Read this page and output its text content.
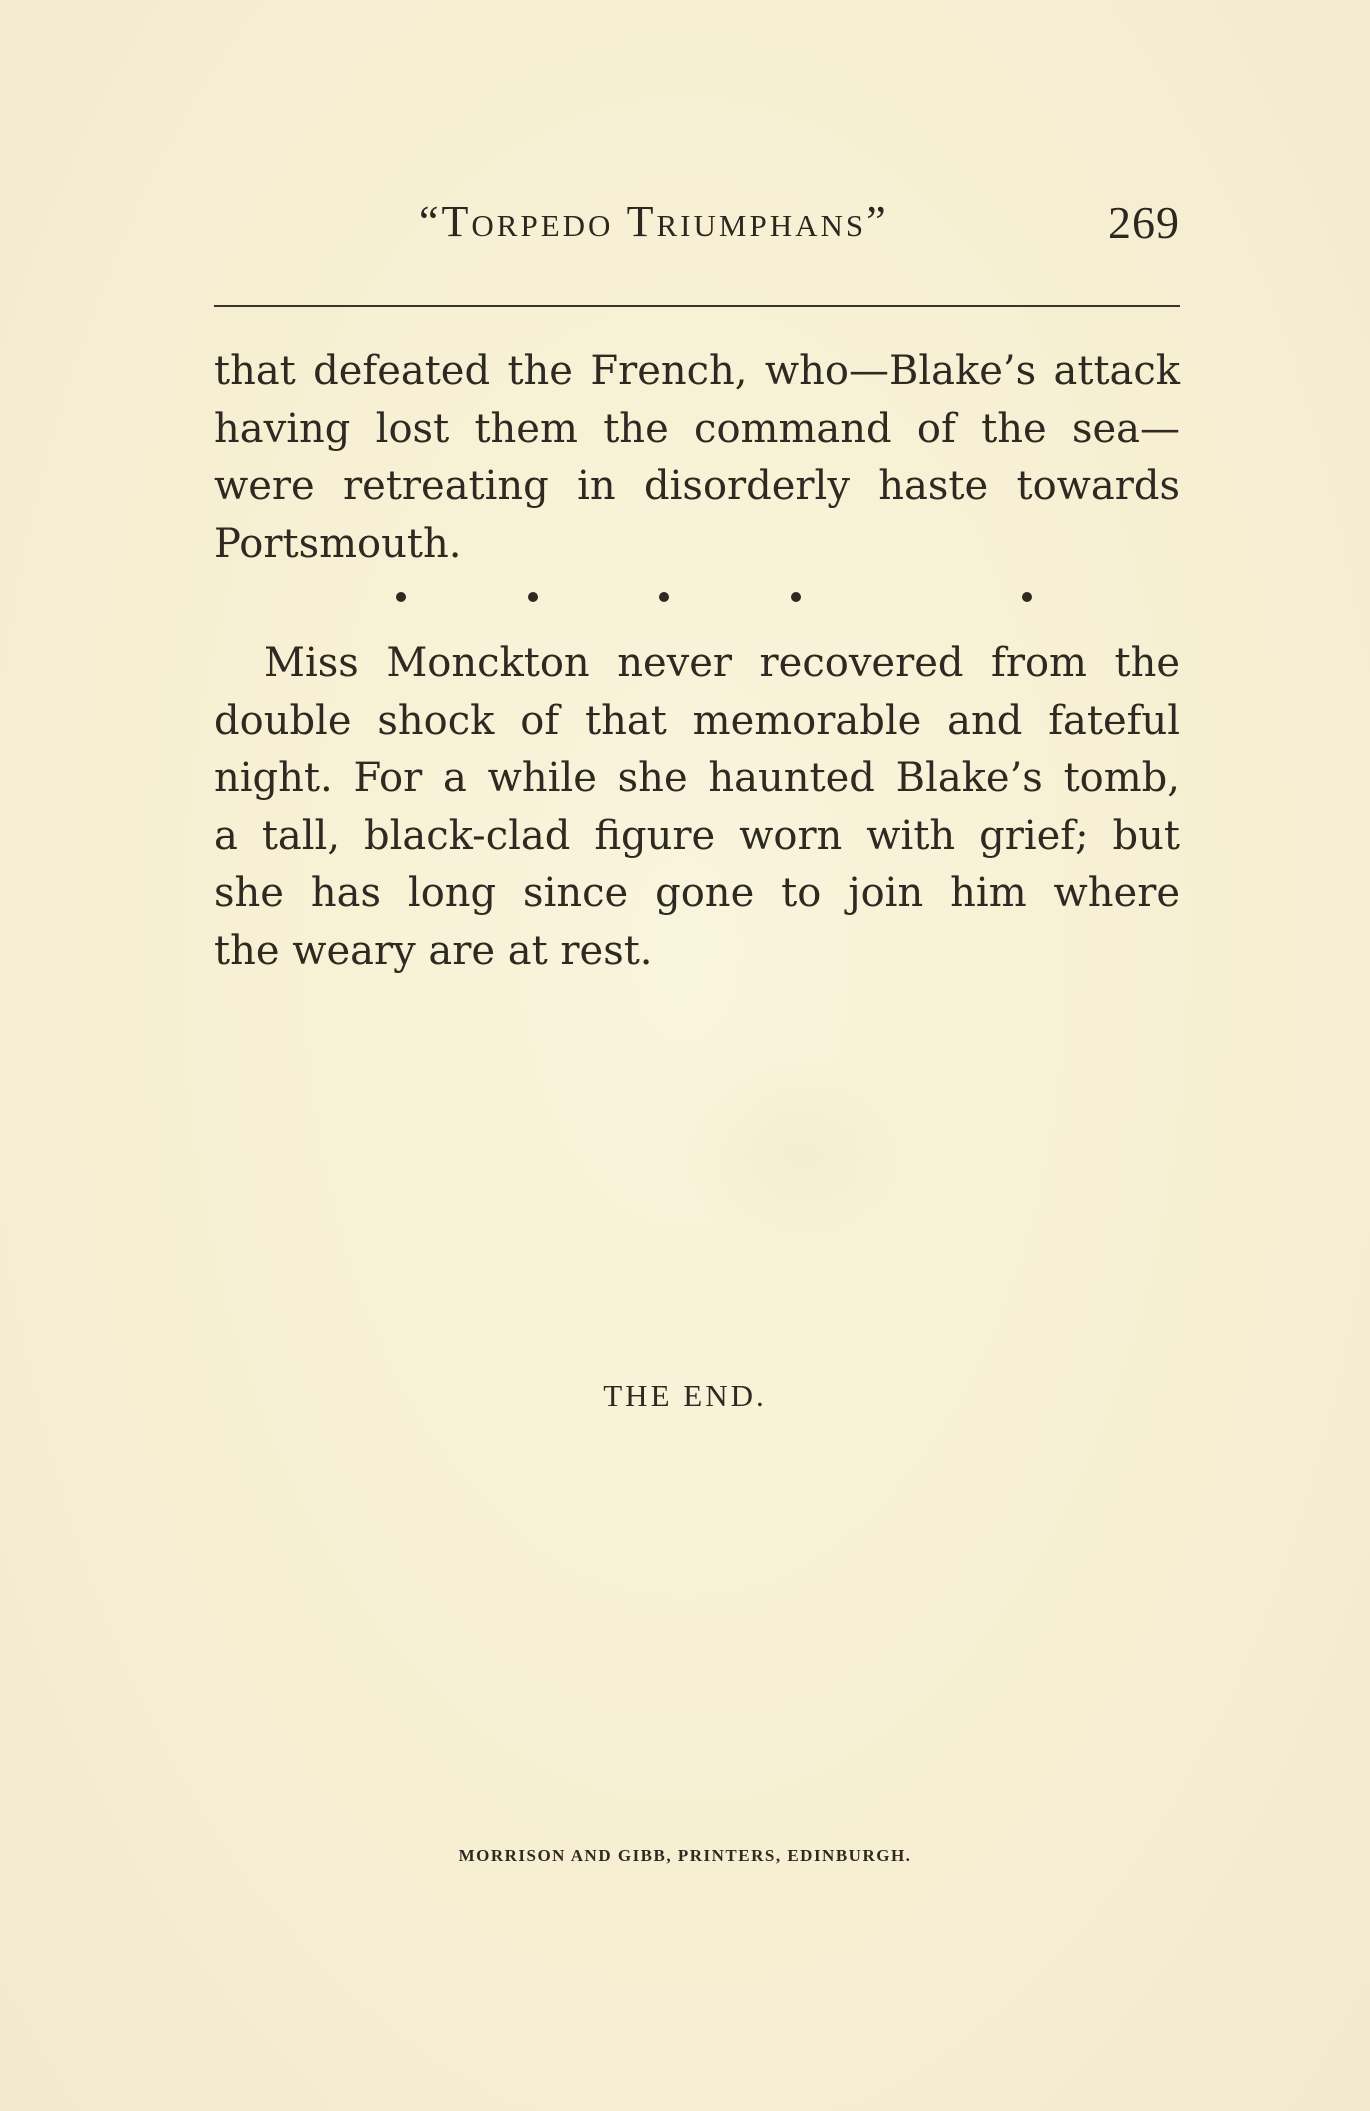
“Torpedo Triumphans”	269
that defeated the French, who—Blake’s attack
having lost them the command of the sea—
were retreating in disorderly haste towards
Portsmouth.
Miss Monckton never recovered from the
double shock of that memorable and fateful
night. For a while she haunted Blake’s tomb,
a tall, black-clad figure worn with grief; but
she has long since gone to join him where
the weary are at rest.
THE END.
MORRISON AND GIBB, PRINTERS, EDINBURGH.
